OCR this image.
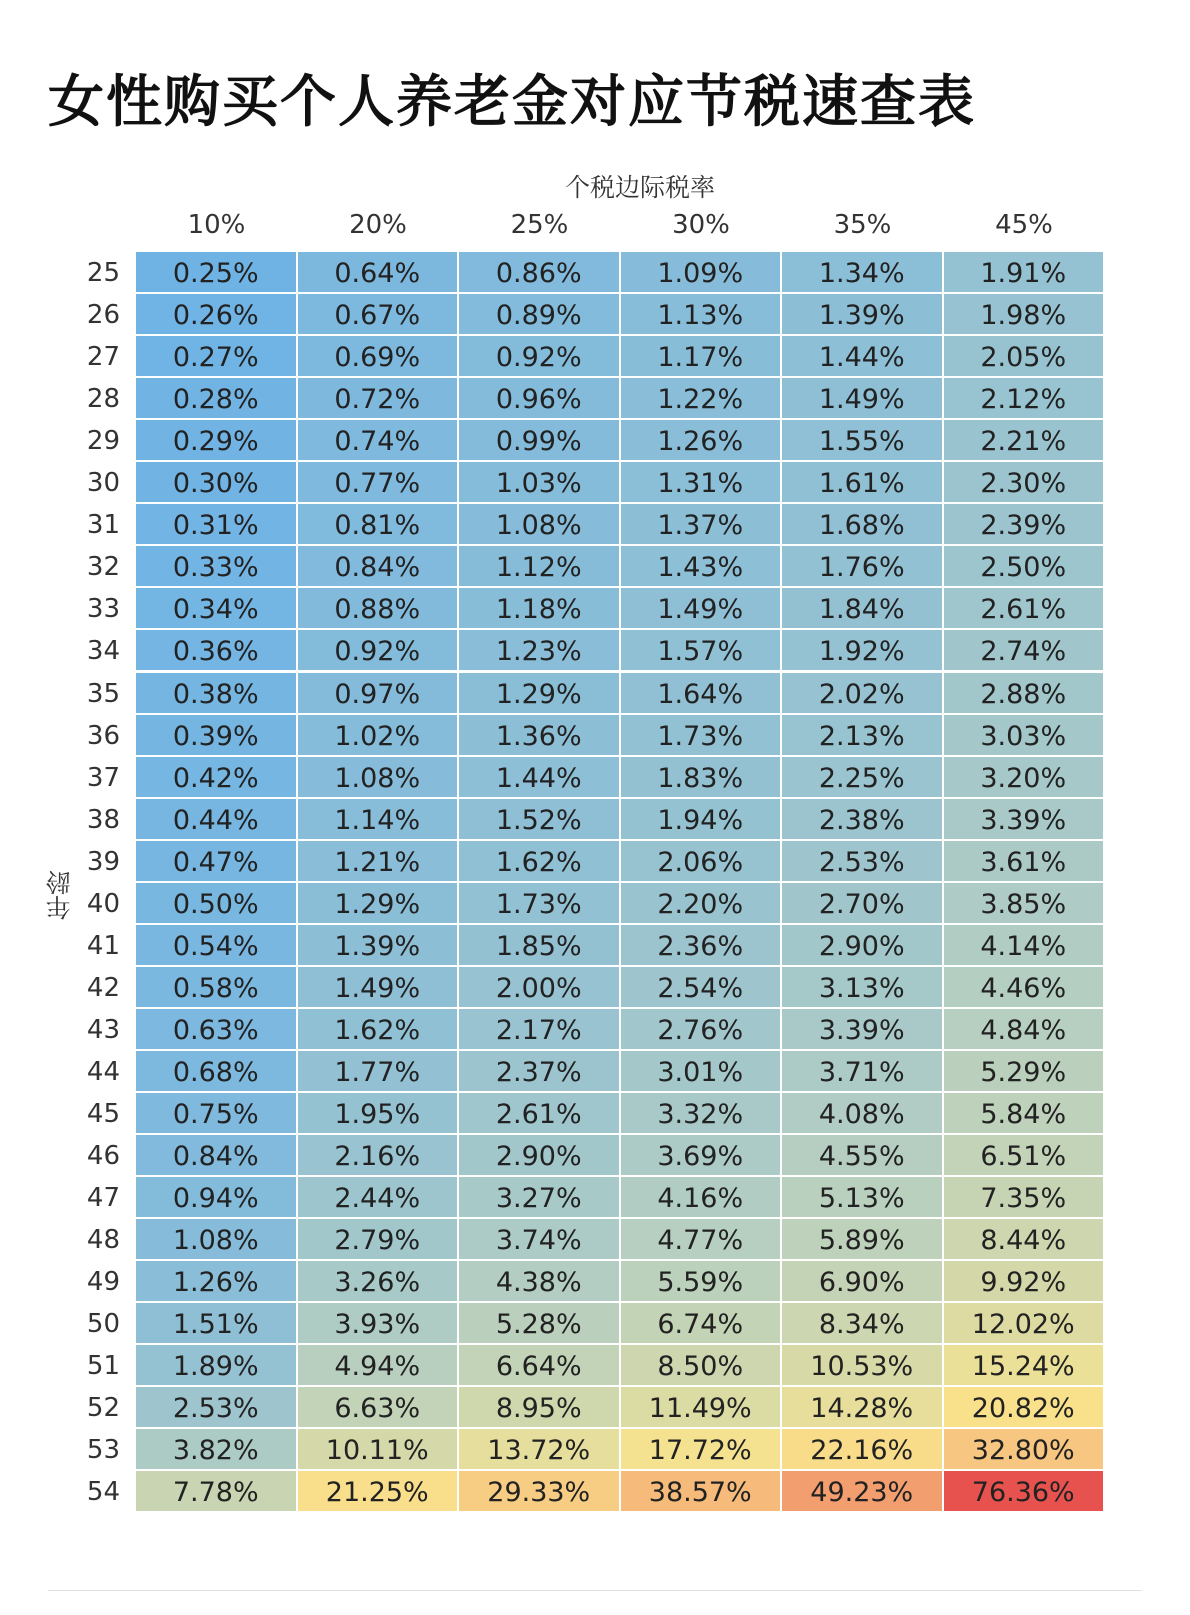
女性购买个人养老金对应节税速查表
个税边际税率
年龄
10%	20%	25%	30%	35%	45%
25	0.25%	0.64%	0.86%	1.09%	1.34%	1.91%
26	0.26%	0.67%	0.89%	1.13%	1.39%	1.98%
27	0.27%	0.69%	0.92%	1.17%	1.44%	2.05%
28	0.28%	0.72%	0.96%	1.22%	1.49%	2.12%
29	0.29%	0.74%	0.99%	1.26%	1.55%	2.21%
30	0.30%	0.77%	1.03%	1.31%	1.61%	2.30%
31	0.31%	0.81%	1.08%	1.37%	1.68%	2.39%
32	0.33%	0.84%	1.12%	1.43%	1.76%	2.50%
33	0.34%	0.88%	1.18%	1.49%	1.84%	2.61%
34	0.36%	0.92%	1.23%	1.57%	1.92%	2.74%
35	0.38%	0.97%	1.29%	1.64%	2.02%	2.88%
36	0.39%	1.02%	1.36%	1.73%	2.13%	3.03%
37	0.42%	1.08%	1.44%	1.83%	2.25%	3.20%
38	0.44%	1.14%	1.52%	1.94%	2.38%	3.39%
39	0.47%	1.21%	1.62%	2.06%	2.53%	3.61%
40	0.50%	1.29%	1.73%	2.20%	2.70%	3.85%
41	0.54%	1.39%	1.85%	2.36%	2.90%	4.14%
42	0.58%	1.49%	2.00%	2.54%	3.13%	4.46%
43	0.63%	1.62%	2.17%	2.76%	3.39%	4.84%
44	0.68%	1.77%	2.37%	3.01%	3.71%	5.29%
45	0.75%	1.95%	2.61%	3.32%	4.08%	5.84%
46	0.84%	2.16%	2.90%	3.69%	4.55%	6.51%
47	0.94%	2.44%	3.27%	4.16%	5.13%	7.35%
48	1.08%	2.79%	3.74%	4.77%	5.89%	8.44%
49	1.26%	3.26%	4.38%	5.59%	6.90%	9.92%
50	1.51%	3.93%	5.28%	6.74%	8.34%	12.02%
51	1.89%	4.94%	6.64%	8.50%	10.53%	15.24%
52	2.53%	6.63%	8.95%	11.49%	14.28%	20.82%
53	3.82%	10.11%	13.72%	17.72%	22.16%	32.80%
54	7.78%	21.25%	29.33%	38.57%	49.23%	76.36%
